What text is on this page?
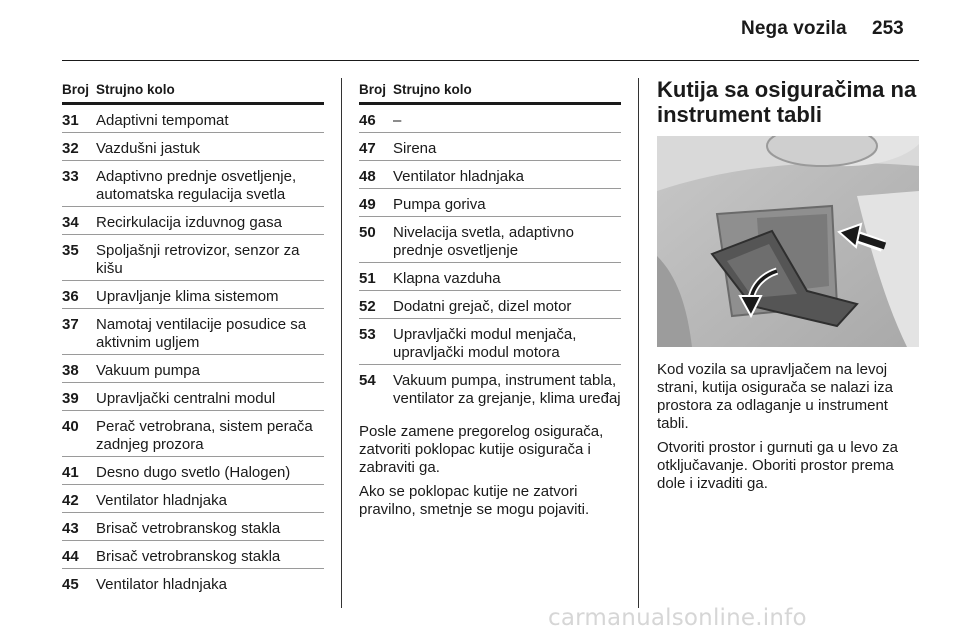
Nega vozila 253
Broj Strujno kolo
31	Adaptivni tempomat
32	Vazdušni jastuk
33	Adaptivno prednje osvetljenje, automatska regulacija svetla
34	Recirkulacija izduvnog gasa
35	Spoljašnji retrovizor, senzor za kišu
36	Upravljanje klima sistemom
37	Namotaj ventilacije posudice sa aktivnim ugljem
38	Vakuum pumpa
39	Upravljački centralni modul
40	Perač vetrobrana, sistem perača zadnjeg prozora
41	Desno dugo svetlo (Halogen)
42	Ventilator hladnjaka
43	Brisač vetrobranskog stakla
44	Brisač vetrobranskog stakla
45	Ventilator hladnjaka
Broj Strujno kolo
46	–
47	Sirena
48	Ventilator hladnjaka
49	Pumpa goriva
50	Nivelacija svetla, adaptivno prednje osvetljenje
51	Klapna vazduha
52	Dodatni grejač, dizel motor
53	Upravljački modul menjača, upravljački modul motora
54	Vakuum pumpa, instrument tabla, ventilator za grejanje, klima uređaj

Posle zamene pregorelog osigurača, zatvoriti poklopac kutije osigurača i zabraviti ga.

Ako se poklopac kutije ne zatvori pravilno, smetnje se mogu pojaviti.

Kutija sa osiguračima na instrument tabli

Kod vozila sa upravljačem na levoj strani, kutija osigurača se nalazi iza prostora za odlaganje u instrument tabli.

Otvoriti prostor i gurnuti ga u levo za otključavanje. Oboriti prostor prema dole i izvaditi ga.

carmanualsonline.info
